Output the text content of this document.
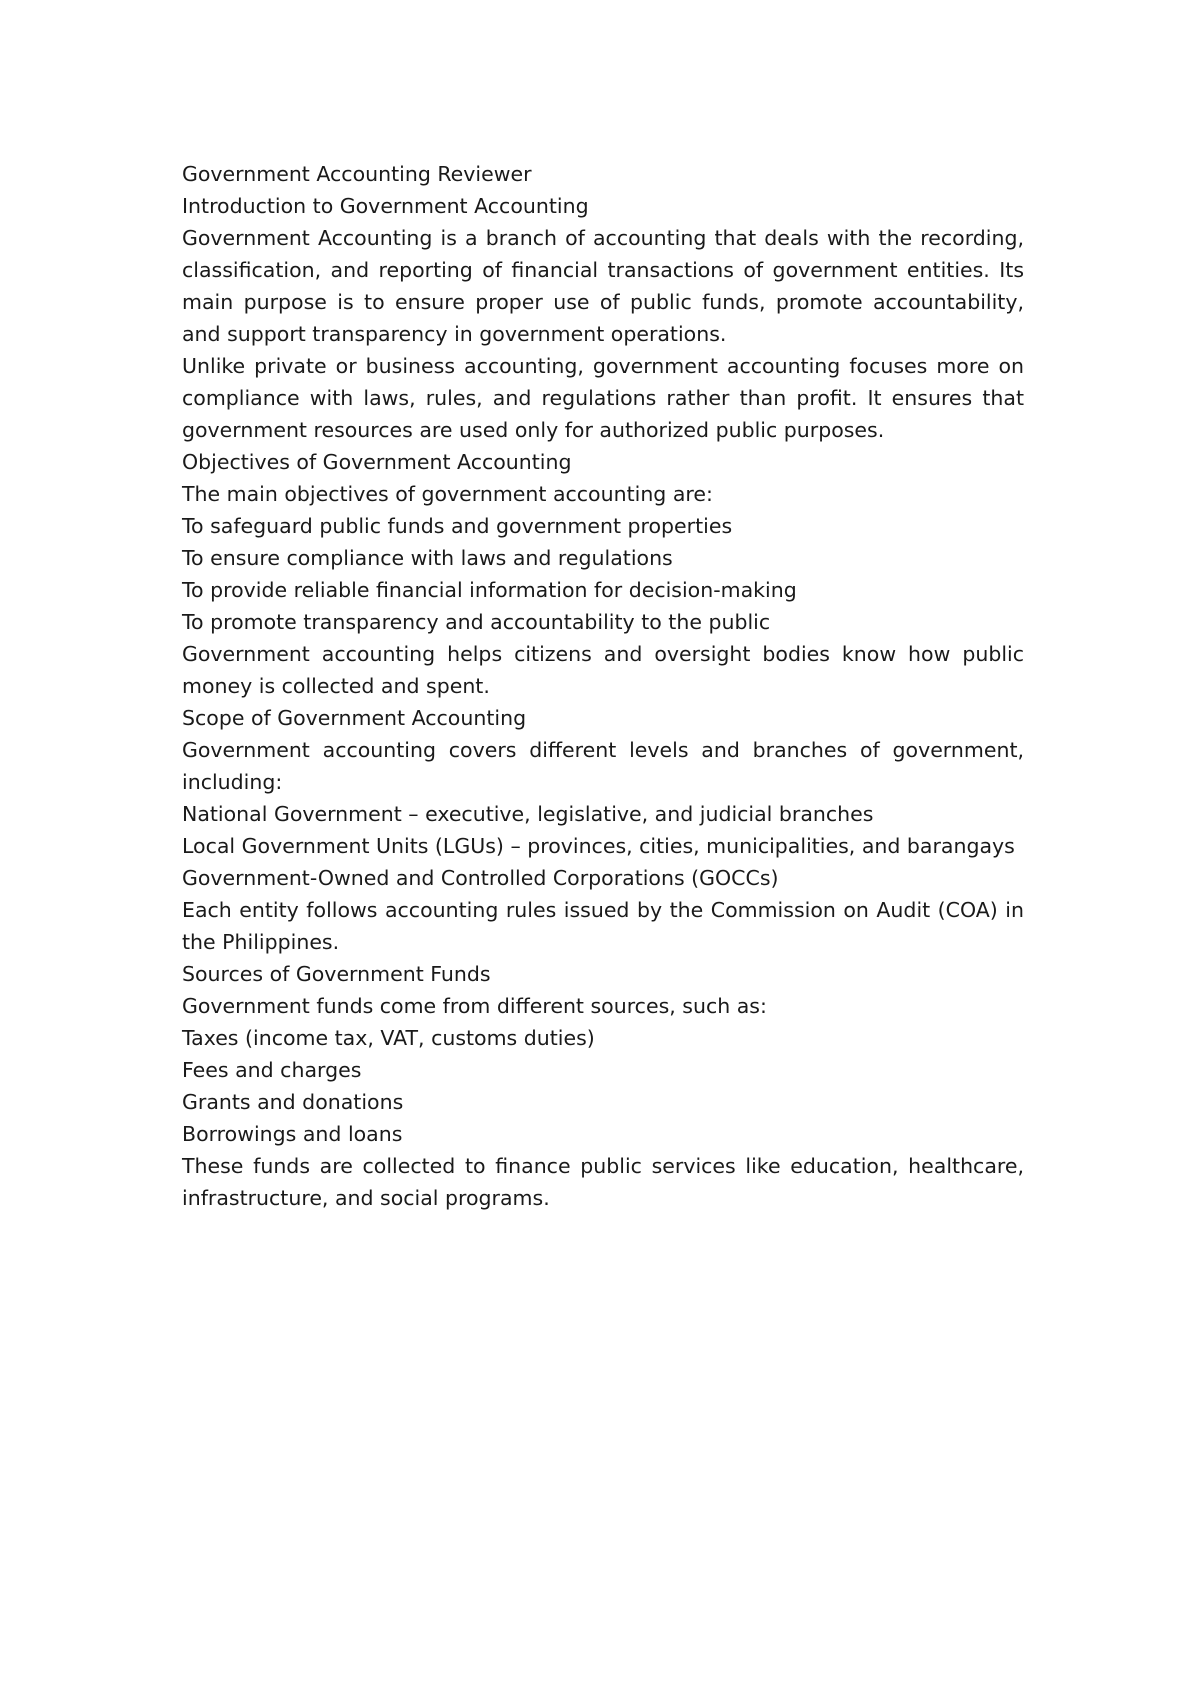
Government Accounting Reviewer

Introduction to Government Accounting

Government Accounting is a branch of accounting that deals with the recording, classification, and reporting of financial transactions of government entities. Its main purpose is to ensure proper use of public funds, promote accountability, and support transparency in government operations.

Unlike private or business accounting, government accounting focuses more on compliance with laws, rules, and regulations rather than profit. It ensures that government resources are used only for authorized public purposes.

Objectives of Government Accounting

The main objectives of government accounting are:

To safeguard public funds and government properties

To ensure compliance with laws and regulations

To provide reliable financial information for decision-making

To promote transparency and accountability to the public

Government accounting helps citizens and oversight bodies know how public money is collected and spent.

Scope of Government Accounting

Government accounting covers different levels and branches of government, including:

National Government – executive, legislative, and judicial branches

Local Government Units (LGUs) – provinces, cities, municipalities, and barangays

Government-Owned and Controlled Corporations (GOCCs)

Each entity follows accounting rules issued by the Commission on Audit (COA) in the Philippines.

Sources of Government Funds

Government funds come from different sources, such as:

Taxes (income tax, VAT, customs duties)

Fees and charges

Grants and donations

Borrowings and loans

These funds are collected to finance public services like education, healthcare, infrastructure, and social programs.
